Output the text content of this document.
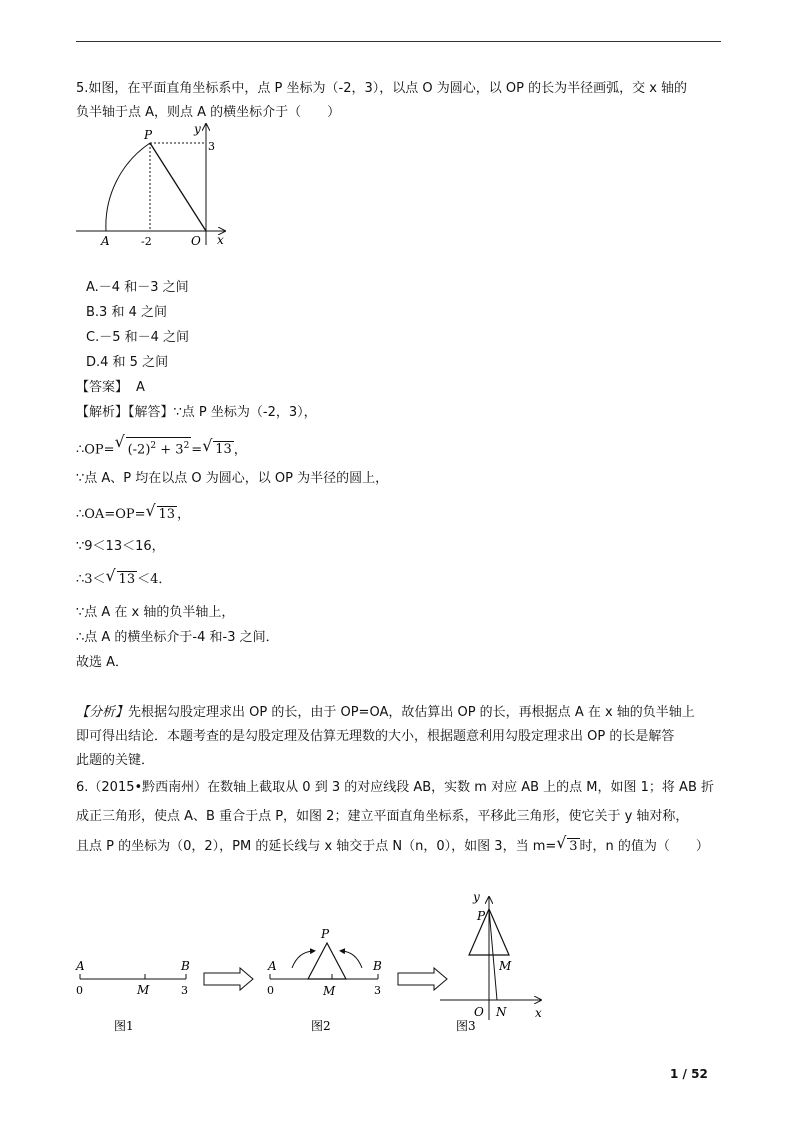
5.如图，在平面直角坐标系中，点 P 坐标为（-2，3），以点 O 为圆心，以 OP 的长为半径画弧，交 x 轴的
负半轴于点 A，则点 A 的横坐标介于（　　）
P	y
3
A	-2	O x
A.－4 和－3 之间
B.3 和 4 之间
C.－5 和－4 之间
D.4 和 5 之间
【答案】 A
【解析】【解答】∵点 P 坐标为（-2，3），
∴OP= √ $(-2)^2 + 3^2$ = √ 13 ，
∵点 A、P 均在以点 O 为圆心，以 OP 为半径的圆上，
∴OA=OP= √ 13 ，
∵9＜13＜16，
∴3＜ √ 13 ＜4．
∵点 A 在 x 轴的负半轴上，
∴点 A 的横坐标介于-4 和-3 之间．
故选 A．
【分析】先根据勾股定理求出 OP 的长，由于 OP=OA，故估算出 OP 的长，再根据点 A 在 x 轴的负半轴上
即可得出结论．本题考查的是勾股定理及估算无理数的大小，根据题意利用勾股定理求出 OP 的长是解答
此题的关键．
6.（2015•黔西南州）在数轴上截取从 0 到 3 的对应线段 AB，实数 m 对应 AB 上的点 M，如图 1；将 AB 折
成正三角形，使点 A、B 重合于点 P，如图 2；建立平面直角坐标系，平移此三角形，使它关于 y 轴对称，
且点 P 的坐标为（0，2），PM 的延长线与 x 轴交于点 N（n，0），如图 3，当 m= √ 3 时，n 的值为（　　）
A	B
0	M	3
图1
P
A	B
0	M	3
图2
y
P
M
O N x
图3
1 / 52
